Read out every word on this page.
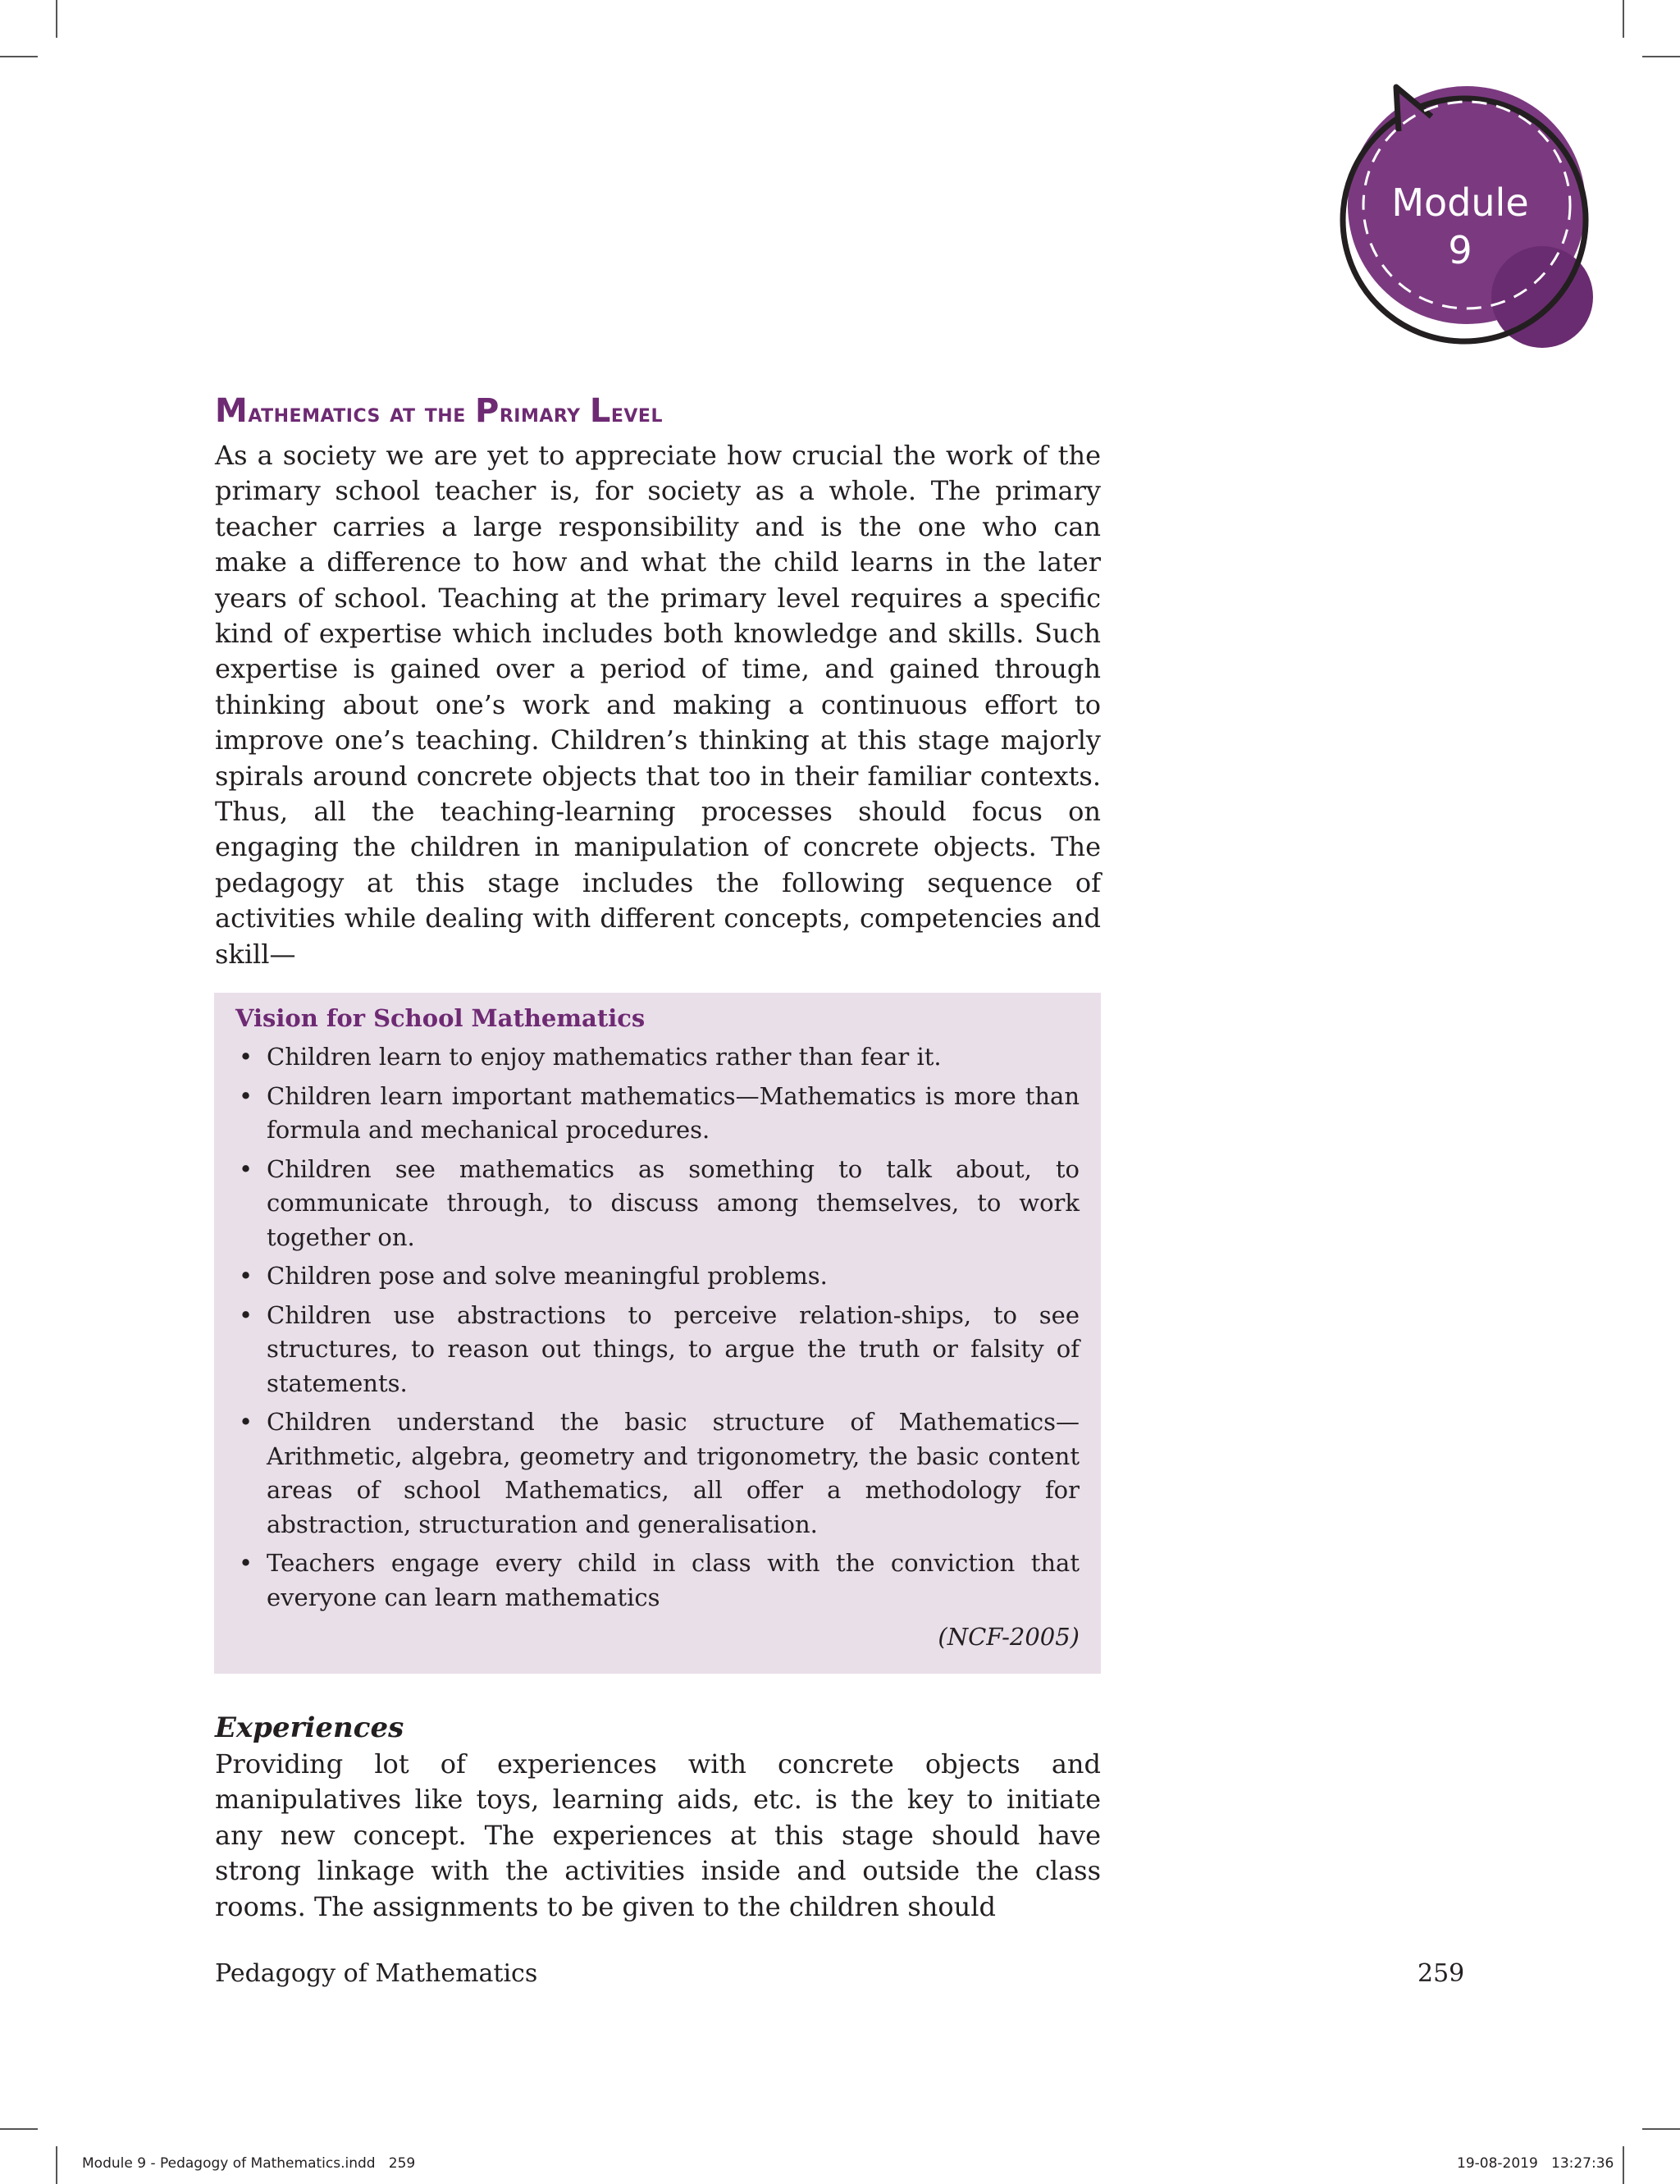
Module
9
Mathematics at the Primary Level

As a society we are yet to appreciate how crucial the work of the primary school teacher is, for society as a whole. The primary teacher carries a large responsibility and is the one who can make a difference to how and what the child learns in the later years of school. Teaching at the primary level requires a specific kind of expertise which includes both knowledge and skills. Such expertise is gained over a period of time, and gained through thinking about one’s work and making a continuous effort to improve one’s teaching. Children’s thinking at this stage majorly spirals around concrete objects that too in their familiar contexts. Thus, all the teaching-learning processes should focus on engaging the children in manipulation of concrete objects. The pedagogy at this stage includes the following sequence of activities while dealing with different concepts, competencies and skill—

Vision for School Mathematics
• Children learn to enjoy mathematics rather than fear it.
• Children learn important mathematics—Mathematics is more than formula and mechanical procedures.
• Children see mathematics as something to talk about, to communicate through, to discuss among themselves, to work together on.
• Children pose and solve meaningful problems.
• Children use abstractions to perceive relation-ships, to see structures, to reason out things, to argue the truth or falsity of statements.
• Children understand the basic structure of Mathematics—Arithmetic, algebra, geometry and trigonometry, the basic content areas of school Mathematics, all offer a methodology for abstraction, structuration and generalisation.
• Teachers engage every child in class with the conviction that everyone can learn mathematics
(NCF-2005)
Experiences

Providing lot of experiences with concrete objects and manipulatives like toys, learning aids, etc. is the key to initiate any new concept. The experiences at this stage should have strong linkage with the activities inside and outside the class rooms. The assignments to be given to the children should

Pedagogy of Mathematics	259
Module 9 - Pedagogy of Mathematics.indd   259	19-08-2019   13:27:36
